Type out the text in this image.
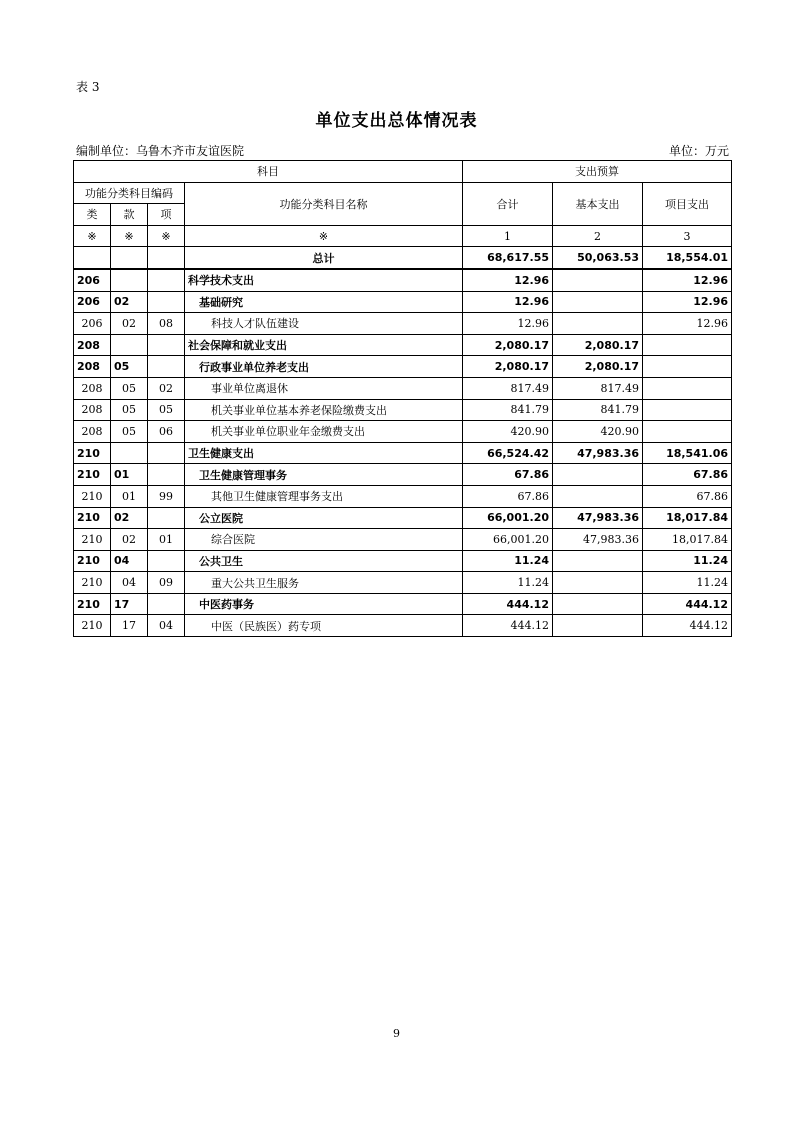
表 3
单位支出总体情况表
编制单位：乌鲁木齐市友谊医院	单位：万元
科目				支出预算		
功能分类科目编码			功能分类科目名称	合计	基本支出	项目支出
类	款	项				
※	※	※	※	1	2	3
			总计	68,617.55	50,063.53	18,554.01
206			科学技术支出	12.96		12.96
206	02		基础研究	12.96		12.96
206	02	08	科技人才队伍建设	12.96		12.96
208			社会保障和就业支出	2,080.17	2,080.17	
208	05		行政事业单位养老支出	2,080.17	2,080.17	
208	05	02	事业单位离退休	817.49	817.49	
208	05	05	机关事业单位基本养老保险缴费支出	841.79	841.79	
208	05	06	机关事业单位职业年金缴费支出	420.90	420.90	
210			卫生健康支出	66,524.42	47,983.36	18,541.06
210	01		卫生健康管理事务	67.86		67.86
210	01	99	其他卫生健康管理事务支出	67.86		67.86
210	02		公立医院	66,001.20	47,983.36	18,017.84
210	02	01	综合医院	66,001.20	47,983.36	18,017.84
210	04		公共卫生	11.24		11.24
210	04	09	重大公共卫生服务	11.24		11.24
210	17		中医药事务	444.12		444.12
210	17	04	中医（民族医）药专项	444.12		444.12
9
